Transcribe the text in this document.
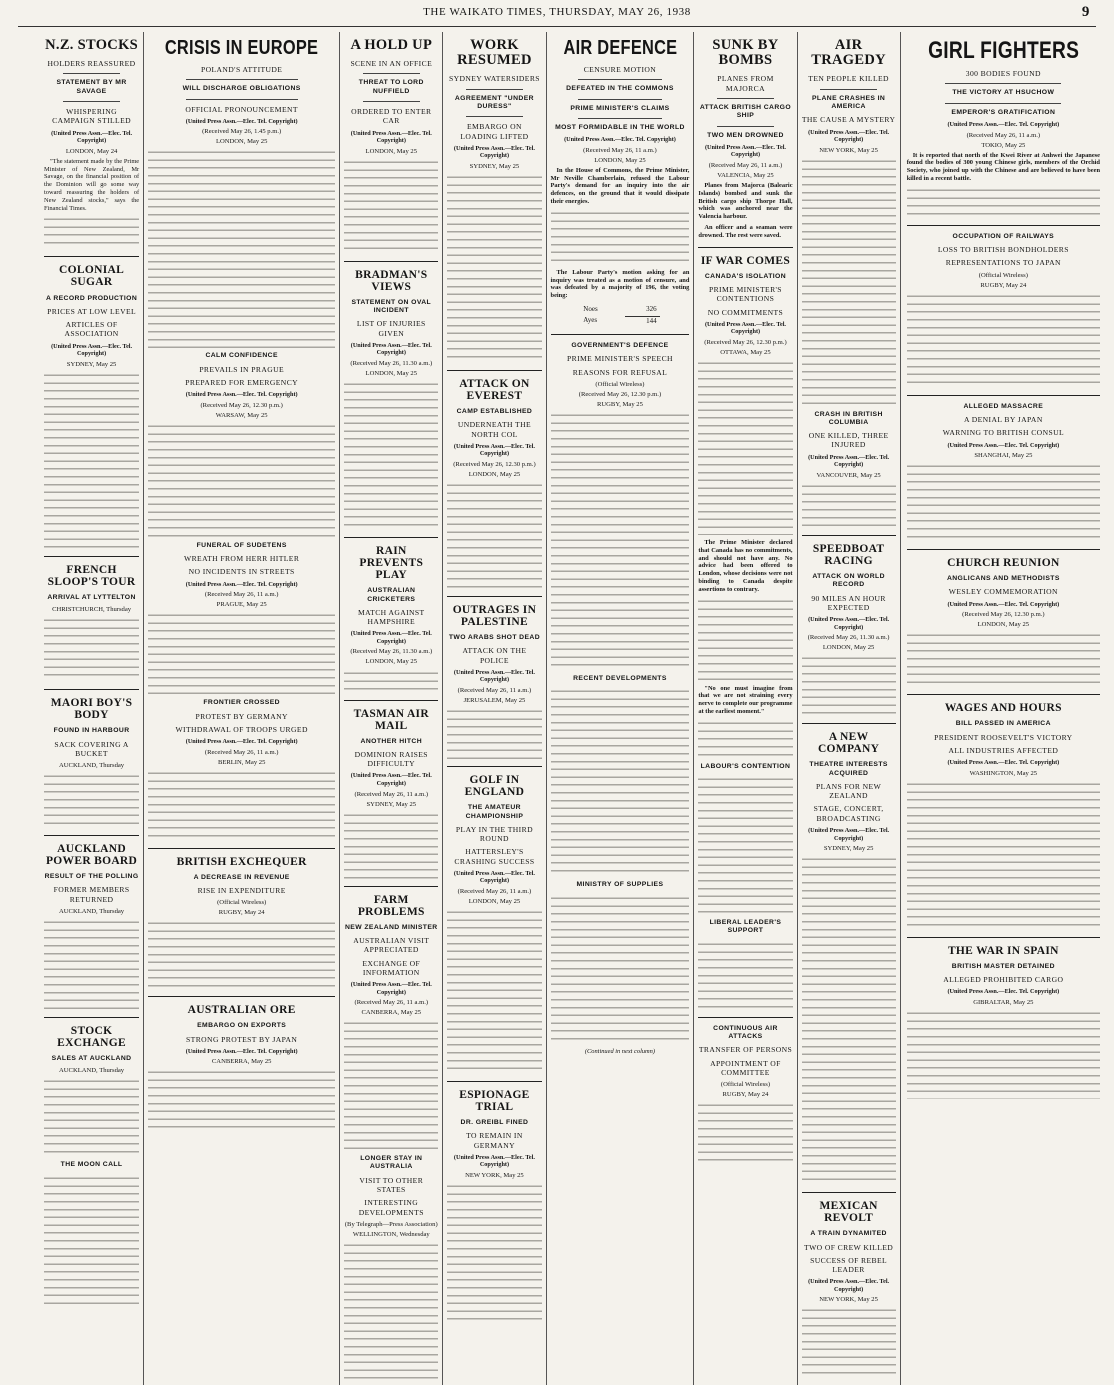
THE WAIKATO TIMES, THURSDAY, MAY 26, 1938	9
N.Z. STOCKS
HOLDERS REASSURED
STATEMENT BY MR SAVAGE
WHISPERING CAMPAIGN STILLED
(United Press Assn.—Elec. Tel. Copyright)
LONDON, May 24

"The statement made by the Prime Minister of New Zealand, Mr Savage, on the financial position of the Dominion will go some way toward reassuring the holders of New Zealand stocks," says the Financial Times.

COLONIAL SUGAR
A RECORD PRODUCTION
PRICES AT LOW LEVEL
ARTICLES OF ASSOCIATION
(United Press Assn.—Elec. Tel. Copyright)
SYDNEY, May 25
FRENCH SLOOP'S TOUR
ARRIVAL AT LYTTELTON
CHRISTCHURCH, Thursday
MAORI BOY'S BODY
FOUND IN HARBOUR
SACK COVERING A BUCKET
AUCKLAND, Thursday
AUCKLAND POWER BOARD
RESULT OF THE POLLING
FORMER MEMBERS RETURNED
AUCKLAND, Thursday
STOCK EXCHANGE
SALES AT AUCKLAND
AUCKLAND, Thursday
THE MOON CALL
CRISIS IN EUROPE
POLAND'S ATTITUDE
WILL DISCHARGE OBLIGATIONS
OFFICIAL PRONOUNCEMENT
(United Press Assn.—Elec. Tel. Copyright)
(Received May 26, 1.45 p.m.)
LONDON, May 25
CALM CONFIDENCE
PREVAILS IN PRAGUE
PREPARED FOR EMERGENCY
(United Press Assn.—Elec. Tel. Copyright)
(Received May 26, 12.30 p.m.)
WARSAW, May 25
FUNERAL OF SUDETENS
WREATH FROM HERR HITLER
NO INCIDENTS IN STREETS
(United Press Assn.—Elec. Tel. Copyright)
(Received May 26, 11 a.m.)
PRAGUE, May 25
FRONTIER CROSSED
PROTEST BY GERMANY
WITHDRAWAL OF TROOPS URGED
(United Press Assn.—Elec. Tel. Copyright)
(Received May 26, 11 a.m.)
BERLIN, May 25
BRITISH EXCHEQUER
A DECREASE IN REVENUE
RISE IN EXPENDITURE
(Official Wireless)
RUGBY, May 24
AUSTRALIAN ORE
EMBARGO ON EXPORTS
STRONG PROTEST BY JAPAN
(United Press Assn.—Elec. Tel. Copyright)
CANBERRA, May 25
A HOLD UP
SCENE IN AN OFFICE
THREAT TO LORD NUFFIELD
ORDERED TO ENTER CAR
(United Press Assn.—Elec. Tel. Copyright)
LONDON, May 25
BRADMAN'S VIEWS
STATEMENT ON OVAL INCIDENT
LIST OF INJURIES GIVEN
(United Press Assn.—Elec. Tel. Copyright)
(Received May 26, 11.30 a.m.)
LONDON, May 25
RAIN PREVENTS PLAY
AUSTRALIAN CRICKETERS
MATCH AGAINST HAMPSHIRE
(United Press Assn.—Elec. Tel. Copyright)
(Received May 26, 11.30 a.m.)
LONDON, May 25
TASMAN AIR MAIL
ANOTHER HITCH
DOMINION RAISES DIFFICULTY
(United Press Assn.—Elec. Tel. Copyright)
(Received May 26, 11 a.m.)
SYDNEY, May 25
FARM PROBLEMS
NEW ZEALAND MINISTER
AUSTRALIAN VISIT APPRECIATED
EXCHANGE OF INFORMATION
(United Press Assn.—Elec. Tel. Copyright)
(Received May 26, 11 a.m.)
CANBERRA, May 25
LONGER STAY IN AUSTRALIA
VISIT TO OTHER STATES
INTERESTING DEVELOPMENTS
(By Telegraph—Press Association)
WELLINGTON, Wednesday
WORK RESUMED
SYDNEY WATERSIDERS
AGREEMENT "UNDER DURESS"
EMBARGO ON LOADING LIFTED
(United Press Assn.—Elec. Tel. Copyright)
SYDNEY, May 25
ATTACK ON EVEREST
CAMP ESTABLISHED
UNDERNEATH THE NORTH COL
(United Press Assn.—Elec. Tel. Copyright)
(Received May 26, 12.30 p.m.)
LONDON, May 25
OUTRAGES IN PALESTINE
TWO ARABS SHOT DEAD
ATTACK ON THE POLICE
(United Press Assn.—Elec. Tel. Copyright)
(Received May 26, 11 a.m.)
JERUSALEM, May 25
GOLF IN ENGLAND
THE AMATEUR CHAMPIONSHIP
PLAY IN THE THIRD ROUND
HATTERSLEY'S CRASHING SUCCESS
(United Press Assn.—Elec. Tel. Copyright)
(Received May 26, 11 a.m.)
LONDON, May 25
ESPIONAGE TRIAL
DR. GREIBL FINED
TO REMAIN IN GERMANY
(United Press Assn.—Elec. Tel. Copyright)
NEW YORK, May 25
AIR DEFENCE
CENSURE MOTION
DEFEATED IN THE COMMONS
PRIME MINISTER'S CLAIMS
MOST FORMIDABLE IN THE WORLD
(United Press Assn.—Elec. Tel. Copyright)
(Received May 26, 11 a.m.)
LONDON, May 25

In the House of Commons, the Prime Minister, Mr Neville Chamberlain, refused the Labour Party's demand for an inquiry into the air defences, on the ground that it would dissipate their energies.

The Labour Party's motion asking for an inquiry was treated as a motion of censure, and was defeated by a majority of 196, the voting being:

Noes	326
Ayes	144
GOVERNMENT'S DEFENCE
PRIME MINISTER'S SPEECH
REASONS FOR REFUSAL
(Official Wireless)
(Received May 26, 12.30 p.m.)
RUGBY, May 25
RECENT DEVELOPMENTS
MINISTRY OF SUPPLIES
(Continued in next column)
SUNK BY BOMBS
PLANES FROM MAJORCA
ATTACK BRITISH CARGO SHIP
TWO MEN DROWNED
(United Press Assn.—Elec. Tel. Copyright)
(Received May 26, 11 a.m.)
VALENCIA, May 25

Planes from Majorca (Balearic Islands) bombed and sunk the British cargo ship Thorpe Hall, which was anchored near the Valencia harbour.

An officer and a seaman were drowned. The rest were saved.

IF WAR COMES
CANADA'S ISOLATION
PRIME MINISTER'S CONTENTIONS
NO COMMITMENTS
(United Press Assn.—Elec. Tel. Copyright)
(Received May 26, 12.30 p.m.)
OTTAWA, May 25

The Prime Minister declared that Canada has no commitments, and should not have any. No advice had been offered to London, whose decisions were not binding to Canada despite assertions to contrary.

"No one must imagine from that we are not straining every nerve to complete our programme at the earliest moment."

LABOUR'S CONTENTION
LIBERAL LEADER'S SUPPORT
CONTINUOUS AIR ATTACKS
TRANSFER OF PERSONS
APPOINTMENT OF COMMITTEE
(Official Wireless)
RUGBY, May 24
AIR TRAGEDY
TEN PEOPLE KILLED
PLANE CRASHES IN AMERICA
THE CAUSE A MYSTERY
(United Press Assn.—Elec. Tel. Copyright)
NEW YORK, May 25
CRASH IN BRITISH COLUMBIA
ONE KILLED, THREE INJURED
(United Press Assn.—Elec. Tel. Copyright)
VANCOUVER, May 25
SPEEDBOAT RACING
ATTACK ON WORLD RECORD
90 MILES AN HOUR EXPECTED
(United Press Assn.—Elec. Tel. Copyright)
(Received May 26, 11.30 a.m.)
LONDON, May 25
A NEW COMPANY
THEATRE INTERESTS ACQUIRED
PLANS FOR NEW ZEALAND
STAGE, CONCERT, BROADCASTING
(United Press Assn.—Elec. Tel. Copyright)
SYDNEY, May 25
MEXICAN REVOLT
A TRAIN DYNAMITED
TWO OF CREW KILLED
SUCCESS OF REBEL LEADER
(United Press Assn.—Elec. Tel. Copyright)
NEW YORK, May 25
GIRL FIGHTERS
300 BODIES FOUND
THE VICTORY AT HSUCHOW
EMPEROR'S GRATIFICATION
(United Press Assn.—Elec. Tel. Copyright)
(Received May 26, 11 a.m.)
TOKIO, May 25

It is reported that north of the Kwei River at Anhwei the Japanese found the bodies of 300 young Chinese girls, members of the Orchid Society, who joined up with the Chinese and are believed to have been killed in a recent battle.

OCCUPATION OF RAILWAYS
LOSS TO BRITISH BONDHOLDERS
REPRESENTATIONS TO JAPAN
(Official Wireless)
RUGBY, May 24
ALLEGED MASSACRE
A DENIAL BY JAPAN
WARNING TO BRITISH CONSUL
(United Press Assn.—Elec. Tel. Copyright)
SHANGHAI, May 25
CHURCH REUNION
ANGLICANS AND METHODISTS
WESLEY COMMEMORATION
(United Press Assn.—Elec. Tel. Copyright)
(Received May 26, 12.30 p.m.)
LONDON, May 25
WAGES AND HOURS
BILL PASSED IN AMERICA
PRESIDENT ROOSEVELT'S VICTORY
ALL INDUSTRIES AFFECTED
(United Press Assn.—Elec. Tel. Copyright)
WASHINGTON, May 25
THE WAR IN SPAIN
BRITISH MASTER DETAINED
ALLEGED PROHIBITED CARGO
(United Press Assn.—Elec. Tel. Copyright)
GIBRALTAR, May 25
